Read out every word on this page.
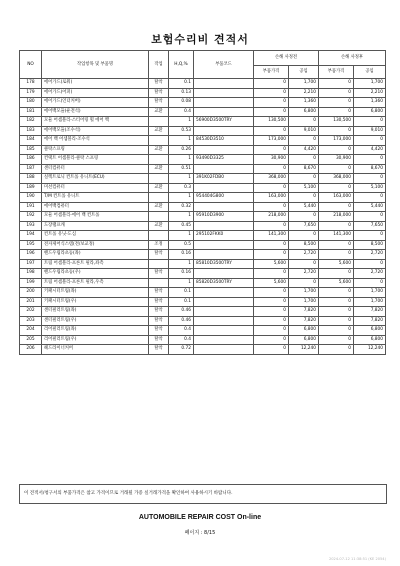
보험수리비 견적서
NO	작업항목 및 부품명	작업	H,Q,%	부품코드	손해 사정전		손해 사정후	
					부품가격	공임	부품가격	공임
178	에어가드(로워)	탈착	0.1		0	1,700	0	1,700
179	에어가드(어퍼)	탈착	0.13		0	2,210	0	2,210
180	에어가드(언더커버)	탈착	0.08		0	1,360	0	1,360
181	에어백모듈(운전석)	교환	0.4		0	6,800	0	6,800
182	모듈 어셈블리-스티어링 휠 에어 백		1	56900D3500TRY	130,500	0	130,500	0
183	에어백모듈(조수석)	교환	0.53		0	9,010	0	9,010
184	에어 백 어셈블리-조수석		1	84530D3510	173,000	0	173,000	0
185	클락스프링	교환	0.26		0	4,420	0	4,420
186	컨택트 어셈블리-클락 스프링		1	93490D3325	30,900	0	30,900	0
187	센터컴퓨터	교환	0.51		0	8,670	0	8,670
188	실렉트로닉 컨트롤 유니트(ECU)		1	391K02FDB0	368,000	0	368,000	0
189	미션컴퓨터	교환	0.3		0	5,100	0	5,100
190	T/M 컨트롤 유니트		1	954404G800	163,000	0	163,000	0
191	에어백컴퓨터	교환	0.32		0	5,440	0	5,440
192	모듈 어셈블리-에어 백 컨트롤		1	95910D3900	218,000	0	218,000	0
193	도장램프캐	교환	0.45		0	7,650	0	7,650
194	컨트롤 유닛-도심		1	295102FKK0	141,300	0	141,300	0
195	전자제어식스템(전/보교정)	조정	0.5		0	8,500	0	8,500
196	핸드우림라츠등(좌)	탈착	0.16		0	2,720	0	2,720
197	트림 어셈블리-프론트 필라,좌측		1	85810D3500TRY	5,600	0	5,600	0
198	핸드우림라츠등(우)	탈착	0.16		0	2,720	0	2,720
199	트림 어셈블리-프론트 필라,우측		1	85820D3500TRY	5,600	0	5,600	0
200	키패시터트림(좌)	탈착	0.1		0	1,700	0	1,700
201	키패시터트림(우)	탈착	0.1		0	1,700	0	1,700
202	센터필러트림(좌)	탈착	0.46		0	7,820	0	7,820
203	센터필러트림(우)	탈착	0.46		0	7,820	0	7,820
204	리어필러트림(좌)	탈착	0.4		0	6,800	0	6,800
205	리어필러트림(우)	탈착	0.4		0	6,800	0	6,800
206	헤드라이너커버	탈착	0.72		0	12,240	0	12,240
이 견적서/청구서의 부품가격은 참고 가격이므로 거래될 가증 실거래가격을 확인하여 사용하시기 바랍니다.
AUTOMOBILE REPAIR COST On-line
페이지 : 8/15
2024-07-12 11:38:51 (KE 2054)
